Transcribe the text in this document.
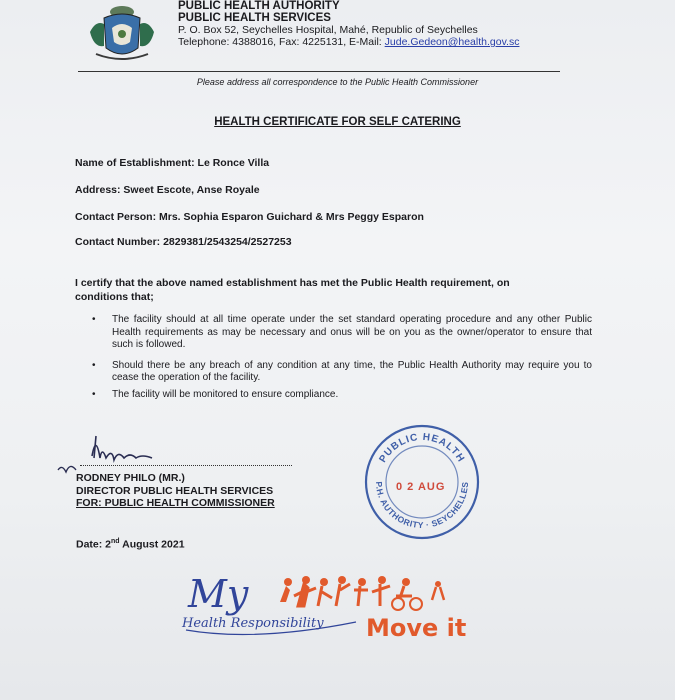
PUBLIC HEALTH AUTHORITY
PUBLIC HEALTH SERVICES
P. O. Box 52, Seychelles Hospital, Mahé, Republic of Seychelles
Telephone: 4388016, Fax: 4225131, E-Mail: Jude.Gedeon@health.gov.sc
Please address all correspondence to the Public Health Commissioner
HEALTH CERTIFICATE FOR SELF CATERING
Name of Establishment: Le Ronce Villa
Address: Sweet Escote, Anse Royale
Contact Person: Mrs. Sophia Esparon Guichard & Mrs Peggy Esparon
Contact Number: 2829381/2543254/2527253
I certify that the above named establishment has met the Public Health requirement, on conditions that;
• The facility should at all time operate under the set standard operating procedure and any other Public Health requirements as may be necessary and onus will be on you as the owner/operator to ensure that such is followed.
• Should there be any breach of any condition at any time, the Public Health Authority may require you to cease the operation of the facility.
• The facility will be monitored to ensure compliance.
RODNEY PHILO (MR.)
DIRECTOR PUBLIC HEALTH SERVICES
FOR: PUBLIC HEALTH COMMISSIONER
Date: 2nd August 2021
PUBLIC HEALTH
P.H. AUTHORITY · SEYCHELLES
0 2 AUG
My
Health Responsibility Move it
